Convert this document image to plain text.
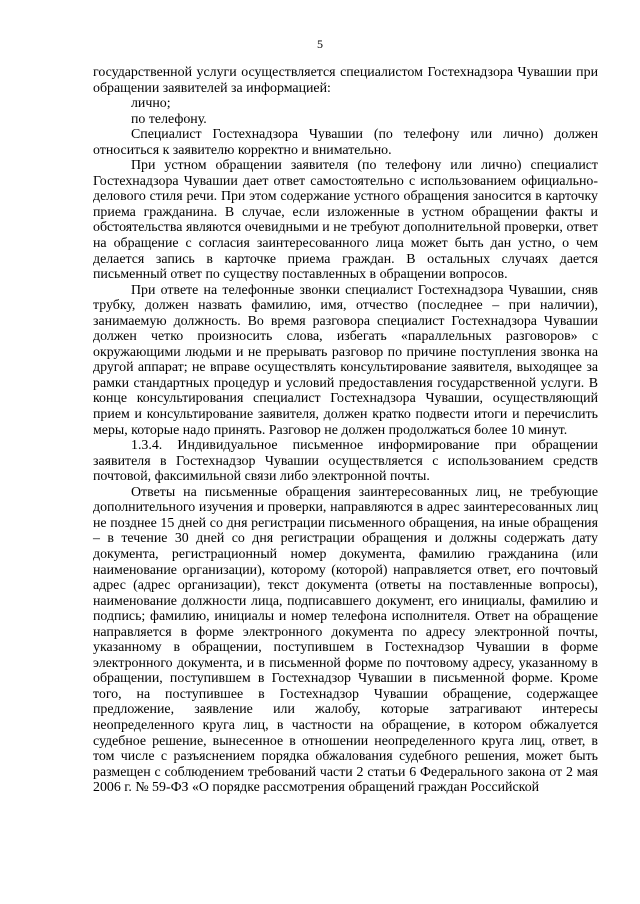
5

государственной услуги осуществляется специалистом Гостехнадзора Чувашии при обращении заявителей за информацией:

лично;

по телефону.

Специалист Гостехнадзора Чувашии (по телефону или лично) должен относиться к заявителю корректно и внимательно.

При устном обращении заявителя (по телефону или лично) специалист Гостехнадзора Чувашии дает ответ самостоятельно с использованием официально-делового стиля речи. При этом содержание устного обращения заносится в карточку приема гражданина. В случае, если изложенные в устном обращении факты и обстоятельства являются очевидными и не требуют дополнительной проверки, ответ на обращение с согласия заинтересованного лица может быть дан устно, о чем делается запись в карточке приема граждан. В остальных случаях дается письменный ответ по существу поставленных в обращении вопросов.

При ответе на телефонные звонки специалист Гостехнадзора Чувашии, сняв трубку, должен назвать фамилию, имя, отчество (последнее – при наличии), занимаемую должность. Во время разговора специалист Гостехнадзора Чувашии должен четко произносить слова, избегать «параллельных разговоров» с окружающими людьми и не прерывать разговор по причине поступления звонка на другой аппарат; не вправе осуществлять консультирование заявителя, выходящее за рамки стандартных процедур и условий предоставления государственной услуги. В конце консультирования специалист Гостехнадзора Чувашии, осуществляющий прием и консультирование заявителя, должен кратко подвести итоги и перечислить меры, которые надо принять. Разговор не должен продолжаться более 10 минут.

1.3.4. Индивидуальное письменное информирование при обращении заявителя в Гостехнадзор Чувашии осуществляется с использованием средств почтовой, факсимильной связи либо электронной почты.

Ответы на письменные обращения заинтересованных лиц, не требующие дополнительного изучения и проверки, направляются в адрес заинтересованных лиц не позднее 15 дней со дня регистрации письменного обращения, на иные обращения – в течение 30 дней со дня регистрации обращения и должны содержать дату документа, регистрационный номер документа, фамилию гражданина (или наименование организации), которому (которой) направляется ответ, его почтовый адрес (адрес организации), текст документа (ответы на поставленные вопросы), наименование должности лица, подписавшего документ, его инициалы, фамилию и подпись; фамилию, инициалы и номер телефона исполнителя. Ответ на обращение направляется в форме электронного документа по адресу электронной почты, указанному в обращении, поступившем в Гостехнадзор Чувашии в форме электронного документа, и в письменной форме по почтовому адресу, указанному в обращении, поступившем в Гостехнадзор Чувашии в письменной форме. Кроме того, на поступившее в Гостехнадзор Чувашии обращение, содержащее предложение, заявление или жалобу, которые затрагивают интересы неопределенного круга лиц, в частности на обращение, в котором обжалуется судебное решение, вынесенное в отношении неопределенного круга лиц, ответ, в том числе с разъяснением порядка обжалования судебного решения, может быть размещен с соблюдением требований части 2 статьи 6 Федерального закона от 2 мая 2006 г. № 59-ФЗ «О порядке рассмотрения обращений граждан Российской
